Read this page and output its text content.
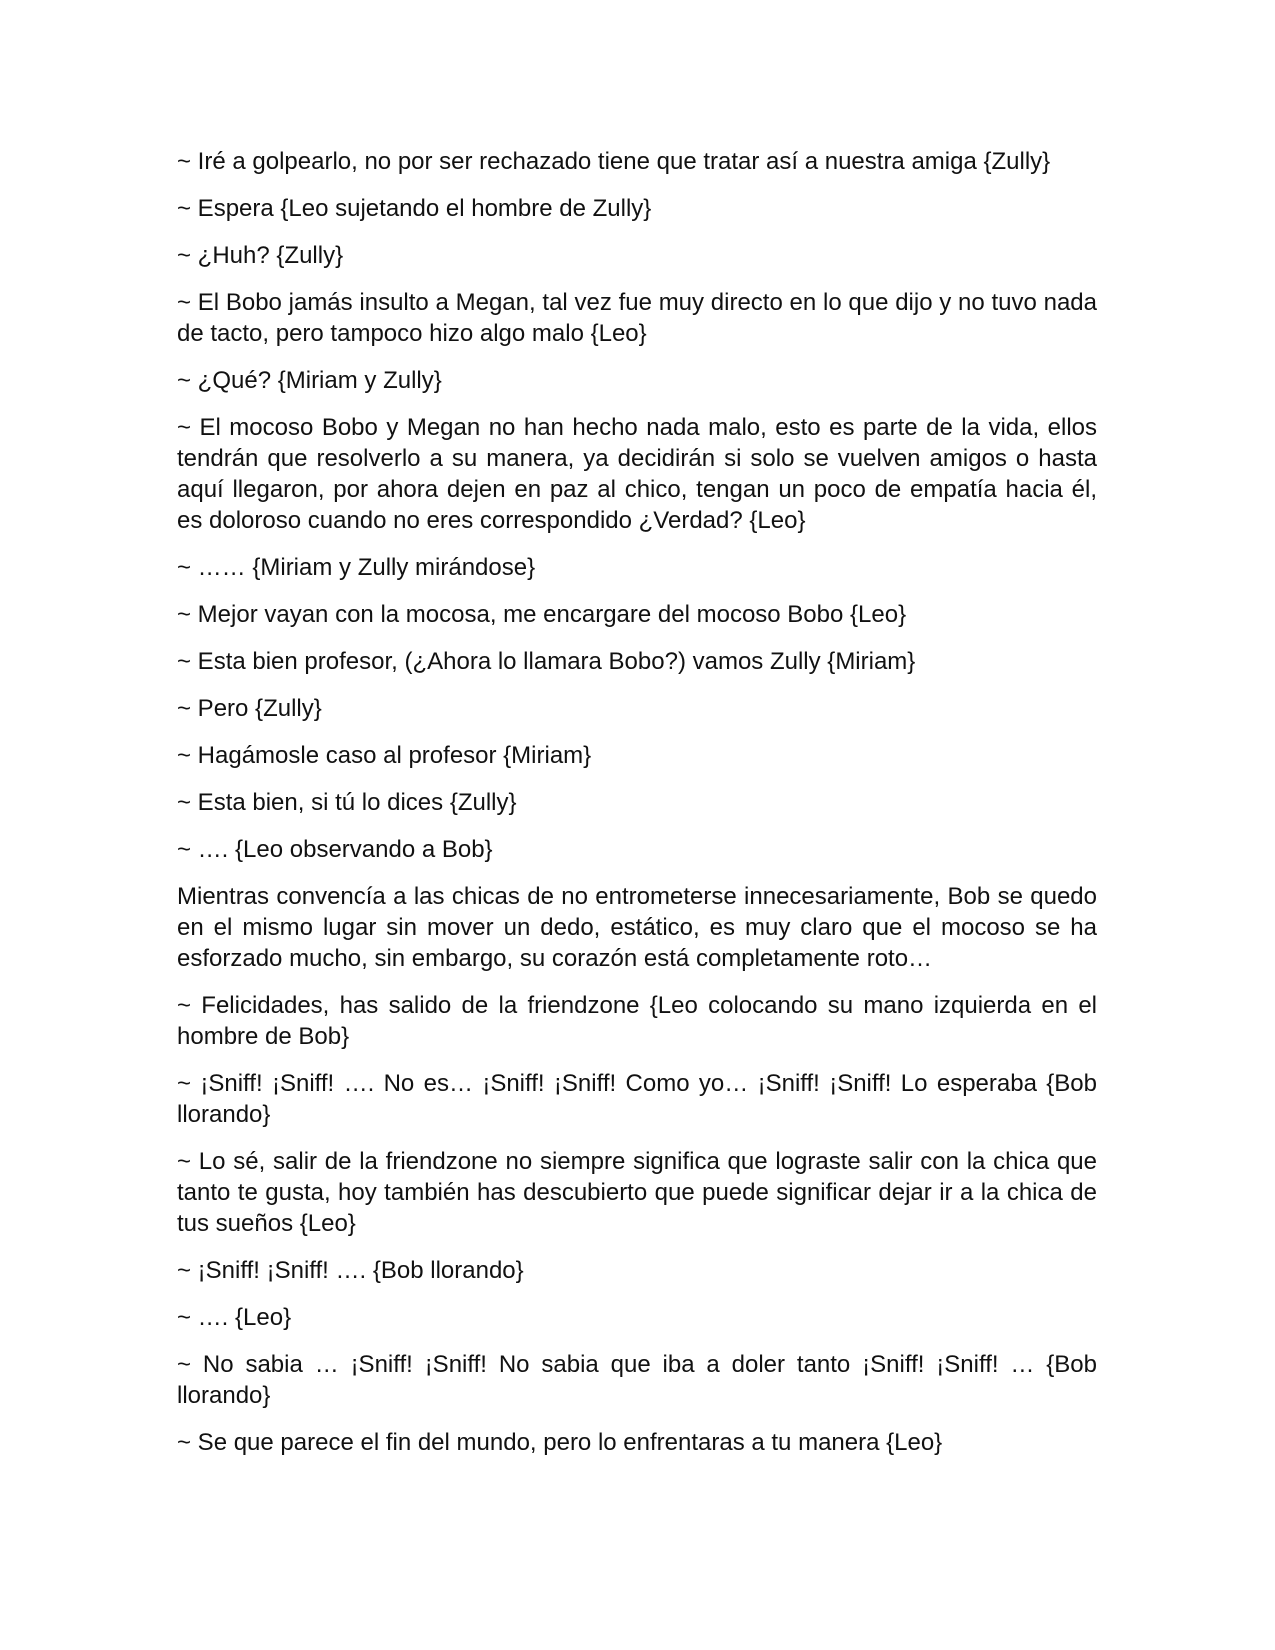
~ Iré a golpearlo, no por ser rechazado tiene que tratar así a nuestra amiga {Zully}

~ Espera {Leo sujetando el hombre de Zully}

~ ¿Huh? {Zully}

~ El Bobo jamás insulto a Megan, tal vez fue muy directo en lo que dijo y no tuvo nada de tacto, pero tampoco hizo algo malo {Leo}

~ ¿Qué? {Miriam y Zully}

~ El mocoso Bobo y Megan no han hecho nada malo, esto es parte de la vida, ellos tendrán que resolverlo a su manera, ya decidirán si solo se vuelven amigos o hasta aquí llegaron, por ahora dejen en paz al chico, tengan un poco de empatía hacia él, es doloroso cuando no eres correspondido ¿Verdad? {Leo}

~ …… {Miriam y Zully mirándose}

~ Mejor vayan con la mocosa, me encargare del mocoso Bobo {Leo}

~ Esta bien profesor, (¿Ahora lo llamara Bobo?) vamos Zully {Miriam}

~ Pero {Zully}

~ Hagámosle caso al profesor {Miriam}

~ Esta bien, si tú lo dices {Zully}

~ …. {Leo observando a Bob}

Mientras convencía a las chicas de no entrometerse innecesariamente, Bob se quedo en el mismo lugar sin mover un dedo, estático, es muy claro que el mocoso se ha esforzado mucho, sin embargo, su corazón está completamente roto…

~ Felicidades, has salido de la friendzone {Leo colocando su mano izquierda en el hombre de Bob}

~ ¡Sniff! ¡Sniff! …. No es… ¡Sniff! ¡Sniff! Como yo… ¡Sniff! ¡Sniff! Lo esperaba {Bob llorando}

~ Lo sé, salir de la friendzone no siempre significa que lograste salir con la chica que tanto te gusta, hoy también has descubierto que puede significar dejar ir a la chica de tus sueños {Leo}

~ ¡Sniff! ¡Sniff! …. {Bob llorando}

~ …. {Leo}

~ No sabia … ¡Sniff! ¡Sniff! No sabia que iba a doler tanto ¡Sniff! ¡Sniff! … {Bob llorando}

~ Se que parece el fin del mundo, pero lo enfrentaras a tu manera {Leo}
